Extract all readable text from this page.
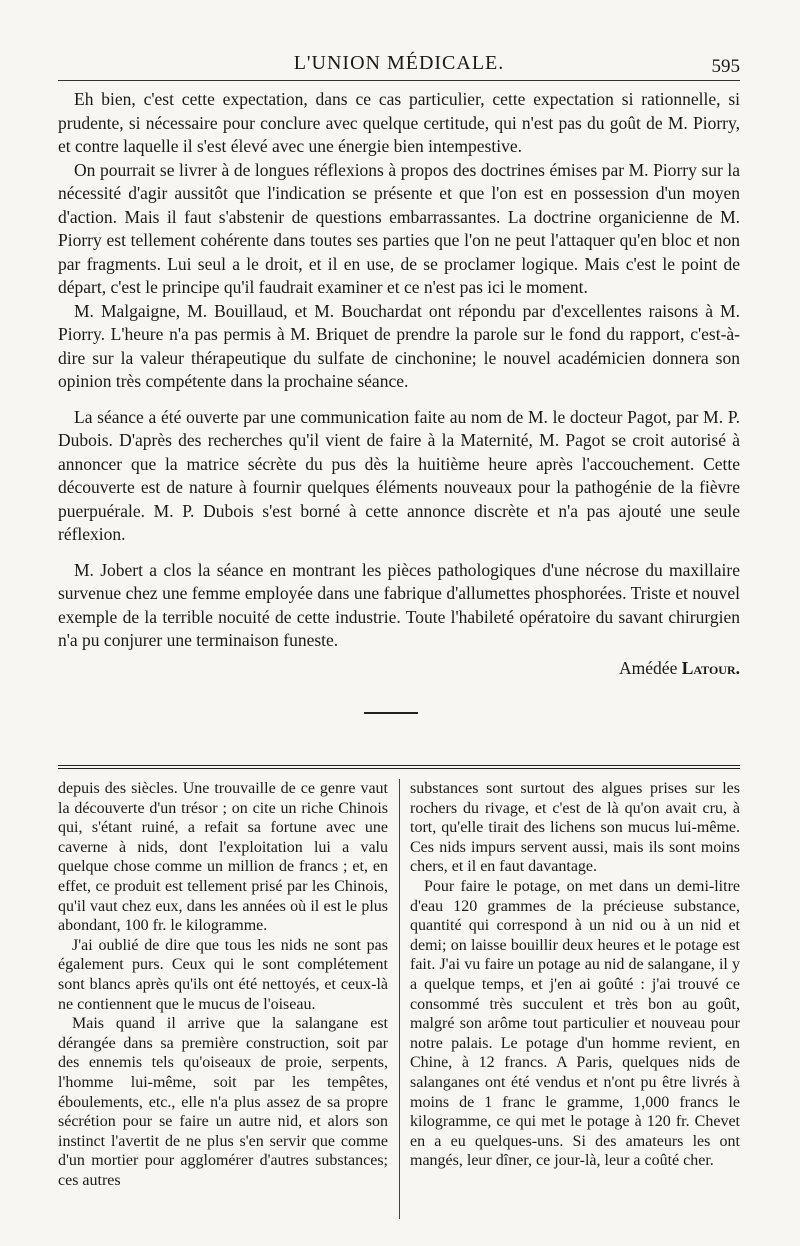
L'UNION MÉDICALE.	595

Eh bien, c'est cette expectation, dans ce cas particulier, cette expectation si rationnelle, si prudente, si nécessaire pour conclure avec quelque certitude, qui n'est pas du goût de M. Piorry, et contre laquelle il s'est élevé avec une énergie bien intempestive.

On pourrait se livrer à de longues réflexions à propos des doctrines émises par M. Piorry sur la nécessité d'agir aussitôt que l'indication se présente et que l'on est en possession d'un moyen d'action. Mais il faut s'abstenir de questions embarrassantes. La doctrine organicienne de M. Piorry est tellement cohérente dans toutes ses parties que l'on ne peut l'attaquer qu'en bloc et non par fragments. Lui seul a le droit, et il en use, de se proclamer logique. Mais c'est le point de départ, c'est le principe qu'il faudrait examiner et ce n'est pas ici le moment.

M. Malgaigne, M. Bouillaud, et M. Bouchardat ont répondu par d'excellentes raisons à M. Piorry. L'heure n'a pas permis à M. Briquet de prendre la parole sur le fond du rapport, c'est-à-dire sur la valeur thérapeutique du sulfate de cinchonine; le nouvel académicien donnera son opinion très compétente dans la prochaine séance.

La séance a été ouverte par une communication faite au nom de M. le docteur Pagot, par M. P. Dubois. D'après des recherches qu'il vient de faire à la Maternité, M. Pagot se croit autorisé à annoncer que la matrice sécrète du pus dès la huitième heure après l'accouchement. Cette découverte est de nature à fournir quelques éléments nouveaux pour la pathogénie de la fièvre puerpuérale. M. P. Dubois s'est borné à cette annonce discrète et n'a pas ajouté une seule réflexion.

M. Jobert a clos la séance en montrant les pièces pathologiques d'une nécrose du maxillaire survenue chez une femme employée dans une fabrique d'allumettes phosphorées. Triste et nouvel exemple de la terrible nocuité de cette industrie. Toute l'habileté opératoire du savant chirurgien n'a pu conjurer une terminaison funeste.

Amédée Latour.

depuis des siècles. Une trouvaille de ce genre vaut la découverte d'un trésor ; on cite un riche Chinois qui, s'étant ruiné, a refait sa fortune avec une caverne à nids, dont l'exploitation lui a valu quelque chose comme un million de francs ; et, en effet, ce produit est tellement prisé par les Chinois, qu'il vaut chez eux, dans les années où il est le plus abondant, 100 fr. le kilogramme.

J'ai oublié de dire que tous les nids ne sont pas également purs. Ceux qui le sont complétement sont blancs après qu'ils ont été nettoyés, et ceux-là ne contiennent que le mucus de l'oiseau.

Mais quand il arrive que la salangane est dérangée dans sa première construction, soit par des ennemis tels qu'oiseaux de proie, serpents, l'homme lui-même, soit par les tempêtes, éboulements, etc., elle n'a plus assez de sa propre sécrétion pour se faire un autre nid, et alors son instinct l'avertit de ne plus s'en servir que comme d'un mortier pour agglomérer d'autres substances; ces autres

substances sont surtout des algues prises sur les rochers du rivage, et c'est de là qu'on avait cru, à tort, qu'elle tirait des lichens son mucus lui-même. Ces nids impurs servent aussi, mais ils sont moins chers, et il en faut davantage.

Pour faire le potage, on met dans un demi-litre d'eau 120 grammes de la précieuse substance, quantité qui correspond à un nid ou à un nid et demi; on laisse bouillir deux heures et le potage est fait. J'ai vu faire un potage au nid de salangane, il y a quelque temps, et j'en ai goûté : j'ai trouvé ce consommé très succulent et très bon au goût, malgré son arôme tout particulier et nouveau pour notre palais. Le potage d'un homme revient, en Chine, à 12 francs. A Paris, quelques nids de salanganes ont été vendus et n'ont pu être livrés à moins de 1 franc le gramme, 1,000 francs le kilogramme, ce qui met le potage à 120 fr. Chevet en a eu quelques-uns. Si des amateurs les ont mangés, leur dîner, ce jour-là, leur a coûté cher.
